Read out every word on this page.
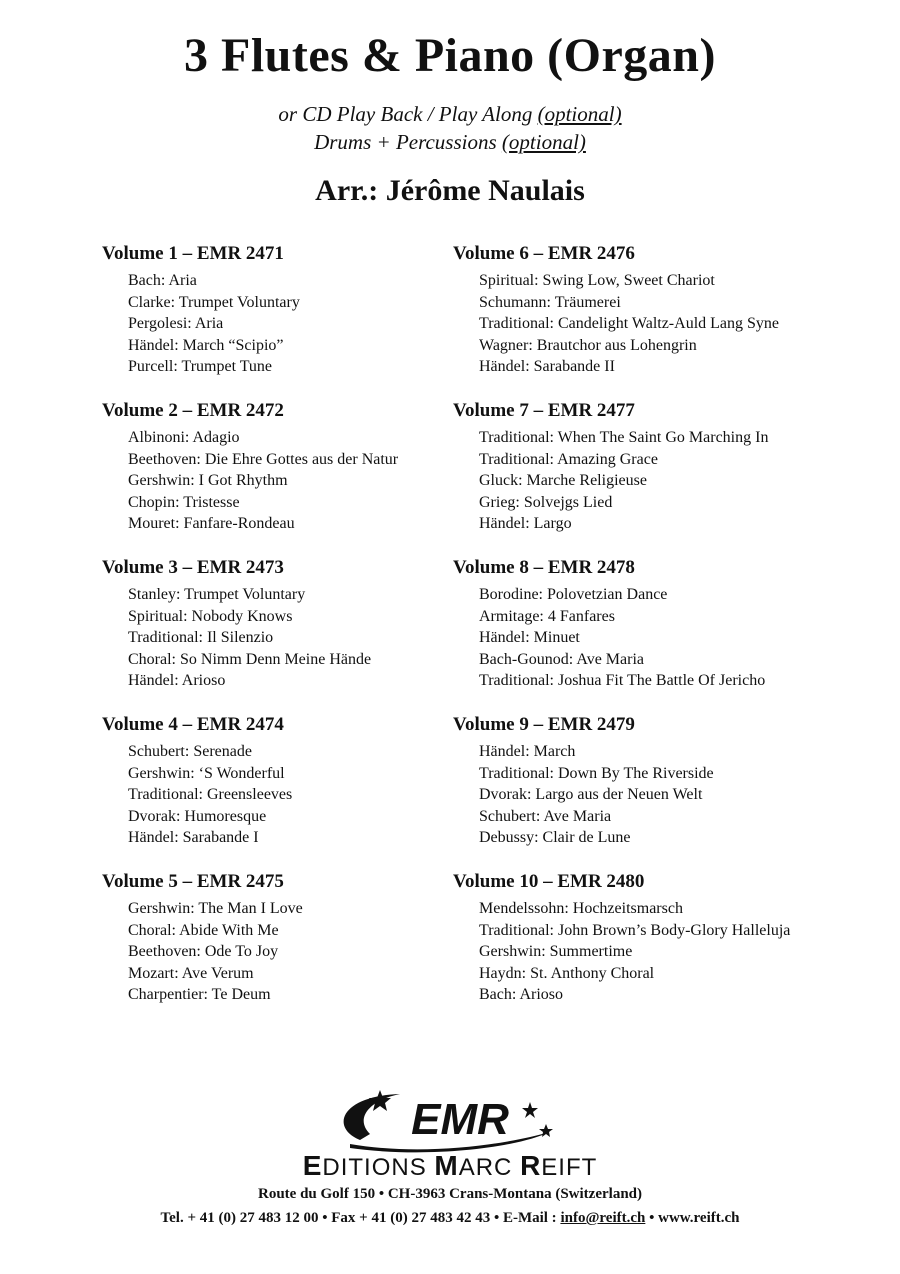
3 Flutes & Piano (Organ)
or CD Play Back / Play Along (optional)
Drums + Percussions (optional)
Arr.: Jérôme Naulais
Volume 1 – EMR 2471
Bach: Aria
Clarke: Trumpet Voluntary
Pergolesi: Aria
Händel: March “Scipio”
Purcell: Trumpet Tune
Volume 2 – EMR 2472
Albinoni: Adagio
Beethoven: Die Ehre Gottes aus der Natur
Gershwin: I Got Rhythm
Chopin: Tristesse
Mouret: Fanfare-Rondeau
Volume 3 – EMR 2473
Stanley: Trumpet Voluntary
Spiritual: Nobody Knows
Traditional: Il Silenzio
Choral: So Nimm Denn Meine Hände
Händel: Arioso
Volume 4 – EMR 2474
Schubert: Serenade
Gershwin: ‘S Wonderful
Traditional: Greensleeves
Dvorak: Humoresque
Händel: Sarabande I
Volume 5 – EMR 2475
Gershwin: The Man I Love
Choral: Abide With Me
Beethoven: Ode To Joy
Mozart: Ave Verum
Charpentier: Te Deum
Volume 6 – EMR 2476
Spiritual: Swing Low, Sweet Chariot
Schumann: Träumerei
Traditional: Candelight Waltz-Auld Lang Syne
Wagner: Brautchor aus Lohengrin
Händel: Sarabande II
Volume 7 – EMR 2477
Traditional: When The Saint Go Marching In
Traditional: Amazing Grace
Gluck: Marche Religieuse
Grieg: Solvejgs Lied
Händel: Largo
Volume 8 – EMR 2478
Borodine: Polovetzian Dance
Armitage: 4 Fanfares
Händel: Minuet
Bach-Gounod: Ave Maria
Traditional: Joshua Fit The Battle Of Jericho
Volume 9 – EMR 2479
Händel: March
Traditional: Down By The Riverside
Dvorak: Largo aus der Neuen Welt
Schubert: Ave Maria
Debussy: Clair de Lune
Volume 10 – EMR 2480
Mendelssohn: Hochzeitsmarsch
Traditional: John Brown’s Body-Glory Halleluja
Gershwin: Summertime
Haydn: St. Anthony Choral
Bach: Arioso
EMR
EDITIONS MARC REIFT
Route du Golf 150 • CH-3963 Crans-Montana (Switzerland)
Tel. + 41 (0) 27 483 12 00 • Fax + 41 (0) 27 483 42 43 • E-Mail : info@reift.ch • www.reift.ch
